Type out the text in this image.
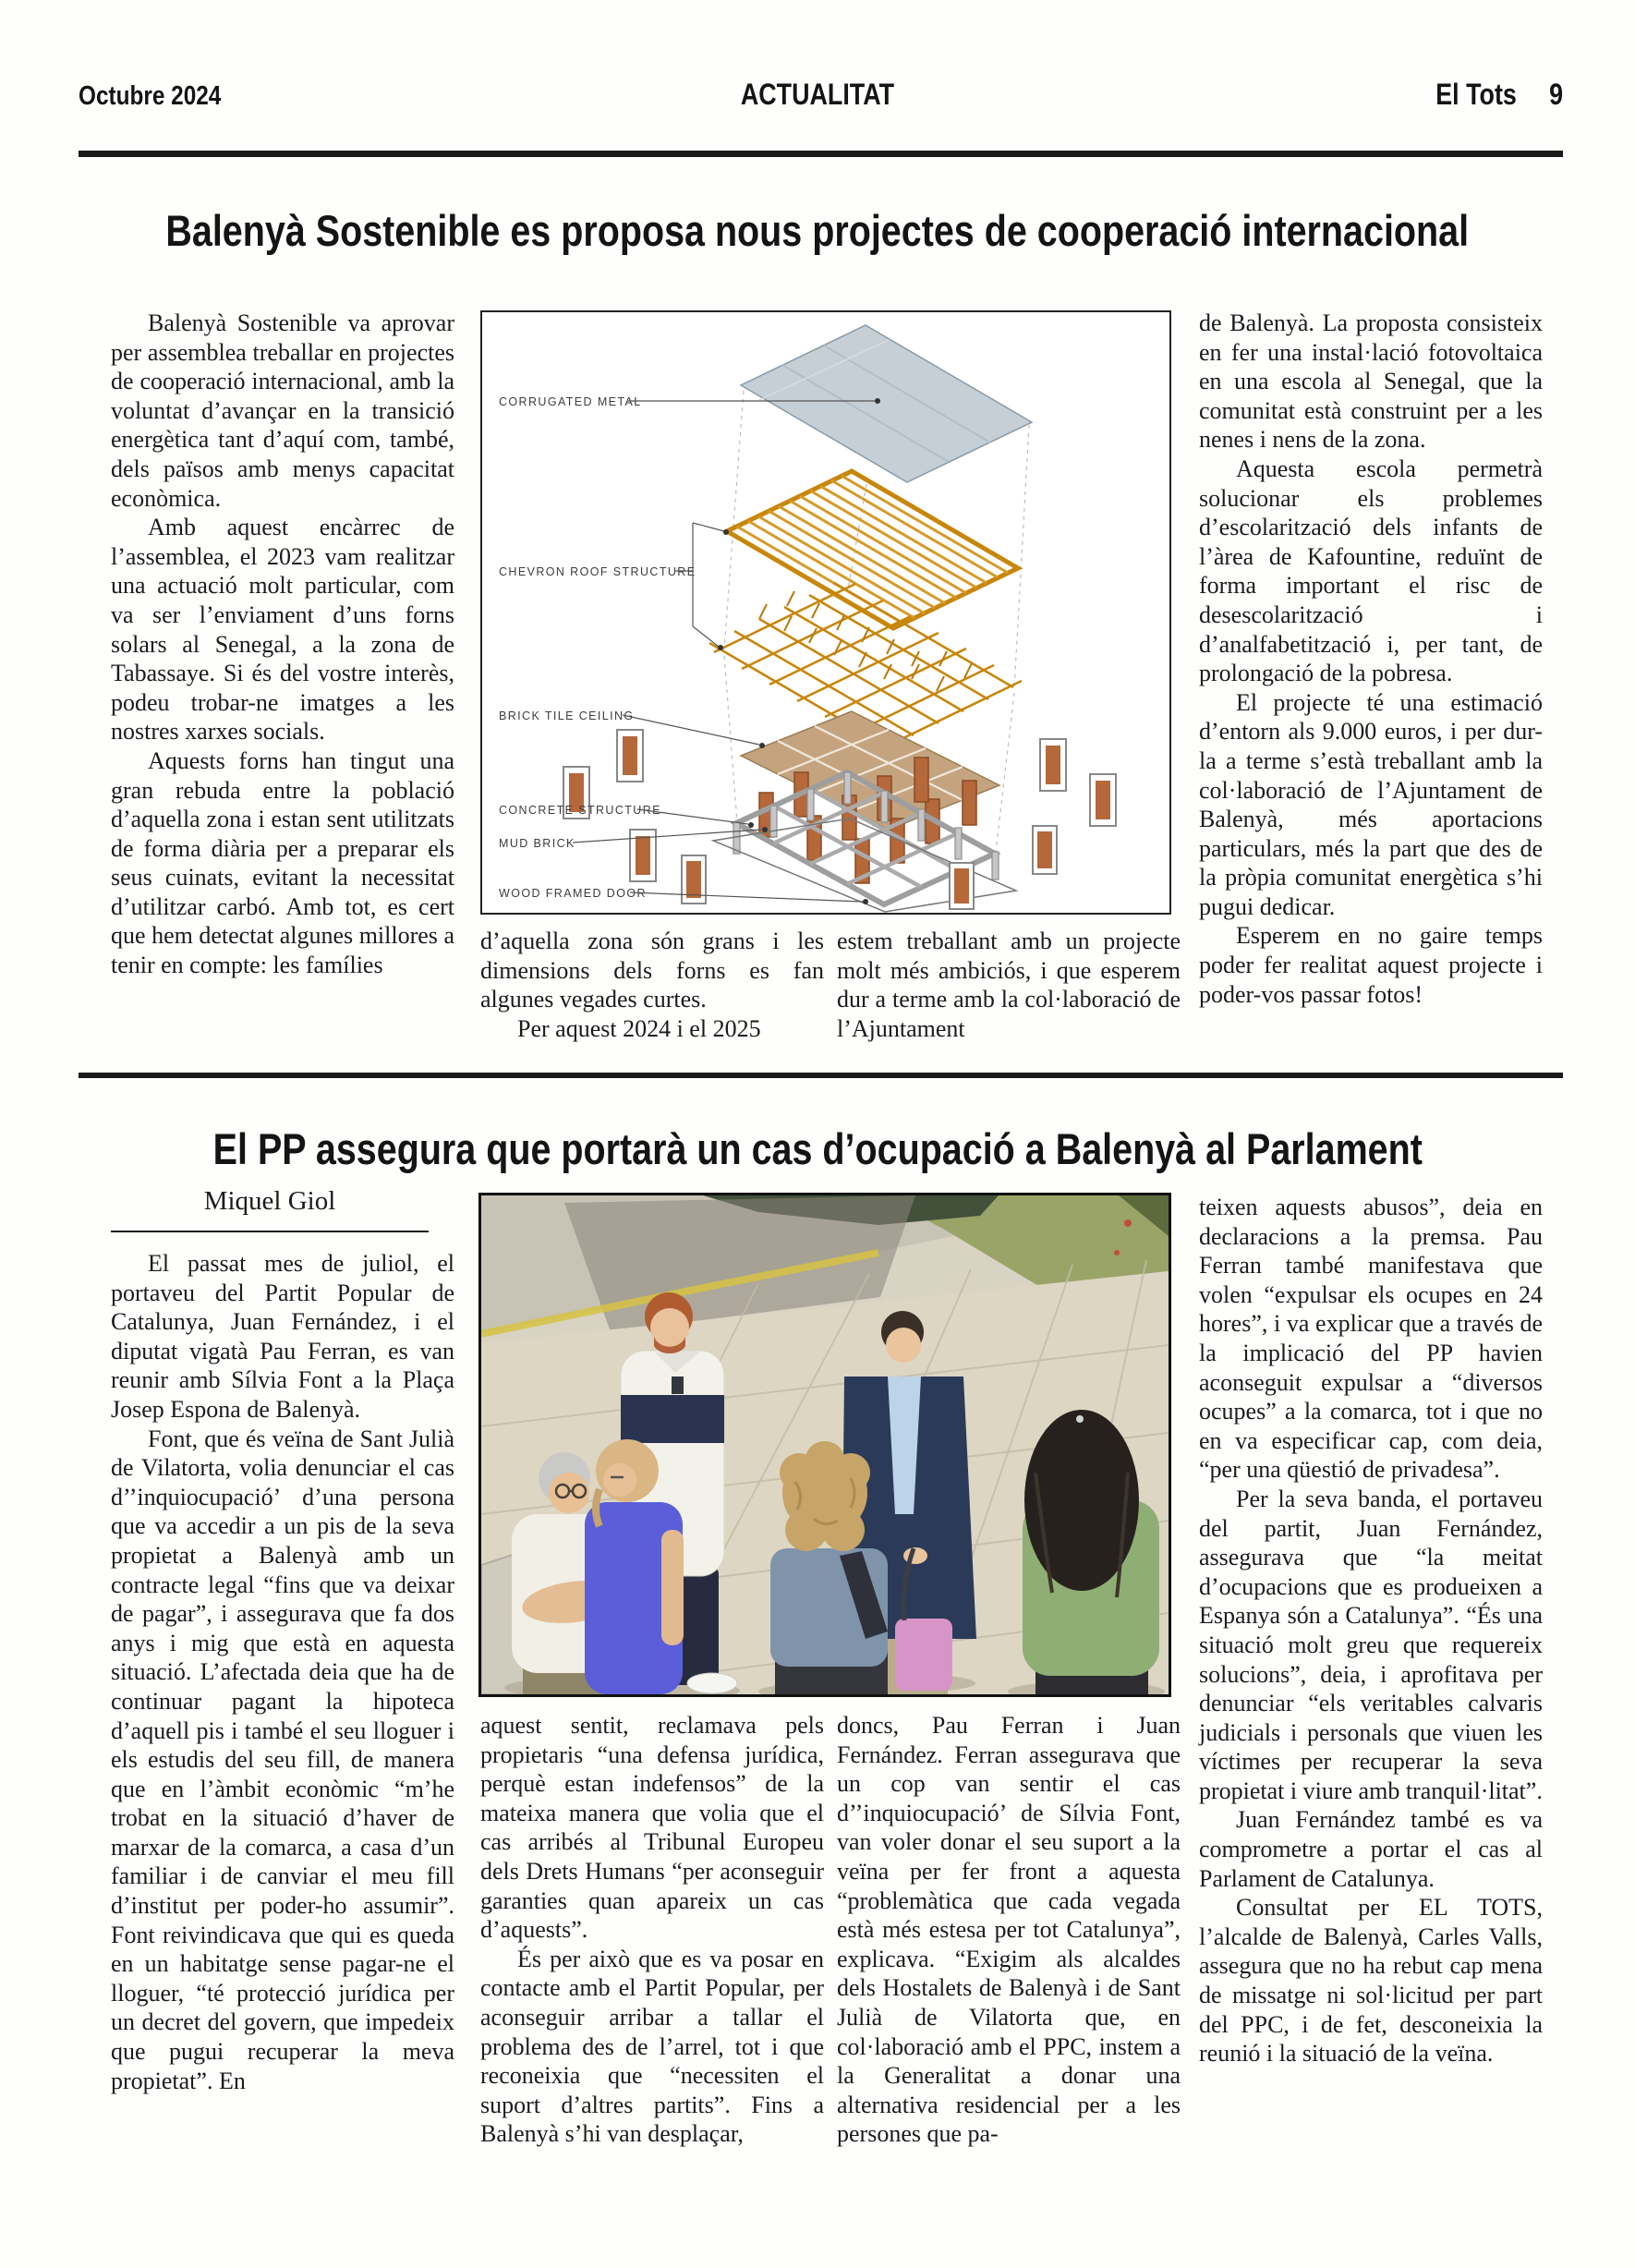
Octubre 2024	ACTUALITAT	El Tots 9
Balenyà Sostenible es proposa nous projectes de cooperació internacional

Balenyà Sostenible va aprovar per assemblea treballar en projectes de cooperació internacional, amb la voluntat d’avançar en la transició energètica tant d’aquí com, també, dels països amb menys capacitat econòmica.

Amb aquest encàrrec de l’assemblea, el 2023 vam realitzar una actuació molt particular, com va ser l’enviament d’uns forns solars al Senegal, a la zona de Tabassaye. Si és del vostre interès, podeu trobar-ne imatges a les nostres xarxes socials.

Aquests forns han tingut una gran rebuda entre la població d’aquella zona i estan sent utilitzats de forma diària per a preparar els seus cuinats, evitant la necessitat d’utilitzar carbó. Amb tot, es cert que hem detectat algunes millores a tenir en compte: les famílies

CORRUGATED METAL
CHEVRON ROOF STRUCTURE
BRICK TILE CEILING
CONCRETE STRUCTURE
MUD BRICK
WOOD FRAMED DOOR

d’aquella zona són grans i les dimensions dels forns es fan algunes vegades curtes.

Per aquest 2024 i el 2025

estem treballant amb un projecte molt més ambiciós, i que esperem dur a terme amb la col·laboració de l’Ajuntament

de Balenyà. La proposta consisteix en fer una instal·lació fotovoltaica en una escola al Senegal, que la comunitat està construint per a les nenes i nens de la zona.

Aquesta escola permetrà solucionar els problemes d’escolarització dels infants de l’àrea de Kafountine, reduïnt de forma important el risc de desescolarització i d’analfabetització i, per tant, de prolongació de la pobresa.

El projecte té una estimació d’entorn als 9.000 euros, i per dur-la a terme s’està treballant amb la col·laboració de l’Ajuntament de Balenyà, més aportacions particulars, més la part que des de la pròpia comunitat energètica s’hi pugui dedicar.

Esperem en no gaire temps poder fer realitat aquest projecte i poder-vos passar fotos!

El PP assegura que portarà un cas d’ocupació a Balenyà al Parlament
Miquel Giol

El passat mes de juliol, el portaveu del Partit Popular de Catalunya, Juan Fernández, i el diputat vigatà Pau Ferran, es van reunir amb Sílvia Font a la Plaça Josep Espona de Balenyà.

Font, que és veïna de Sant Julià de Vilatorta, volia denunciar el cas d’’inquiocupació’ d’una persona que va accedir a un pis de la seva propietat a Balenyà amb un contracte legal “fins que va deixar de pagar”, i assegurava que fa dos anys i mig que està en aquesta situació. L’afectada deia que ha de continuar pagant la hipoteca d’aquell pis i també el seu lloguer i els estudis del seu fill, de manera que en l’àmbit econòmic “m’he trobat en la situació d’haver de marxar de la comarca, a casa d’un familiar i de canviar el meu fill d’institut per poder-ho assumir”. Font reivindicava que qui es queda en un habitatge sense pagar-ne el lloguer, “té protecció jurídica per un decret del govern, que impedeix que pugui recuperar la meva propietat”. En

aquest sentit, reclamava pels propietaris “una defensa jurídica, perquè estan indefensos” de la mateixa manera que volia que el cas arribés al Tribunal Europeu dels Drets Humans “per aconseguir garanties quan apareix un cas d’aquests”.

És per això que es va posar en contacte amb el Partit Popular, per aconseguir arribar a tallar el problema des de l’arrel, tot i que reconeixia que “necessiten el suport d’altres partits”. Fins a Balenyà s’hi van desplaçar,

doncs, Pau Ferran i Juan Fernández. Ferran assegurava que un cop van sentir el cas d’’inquiocupació’ de Sílvia Font, van voler donar el seu suport a la veïna per fer front a aquesta “problemàtica que cada vegada està més estesa per tot Catalunya”, explicava. “Exigim als alcaldes dels Hostalets de Balenyà i de Sant Julià de Vilatorta que, en col·laboració amb el PPC, instem a la Generalitat a donar una alternativa residencial per a les persones que pa-

teixen aquests abusos”, deia en declaracions a la premsa. Pau Ferran també manifestava que volen “expulsar els ocupes en 24 hores”, i va explicar que a través de la implicació del PP havien aconseguit expulsar a “diversos ocupes” a la comarca, tot i que no en va especificar cap, com deia, “per una qüestió de privadesa”.

Per la seva banda, el portaveu del partit, Juan Fernández, assegurava que “la meitat d’ocupacions que es produeixen a Espanya són a Catalunya”. “És una situació molt greu que requereix solucions”, deia, i aprofitava per denunciar “els veritables calvaris judicials i personals que viuen les víctimes per recuperar la seva propietat i viure amb tranquil·litat”.

Juan Fernández també es va comprometre a portar el cas al Parlament de Catalunya.

Consultat per EL TOTS, l’alcalde de Balenyà, Carles Valls, assegura que no ha rebut cap mena de missatge ni sol·licitud per part del PPC, i de fet, desconeixia la reunió i la situació de la veïna.
